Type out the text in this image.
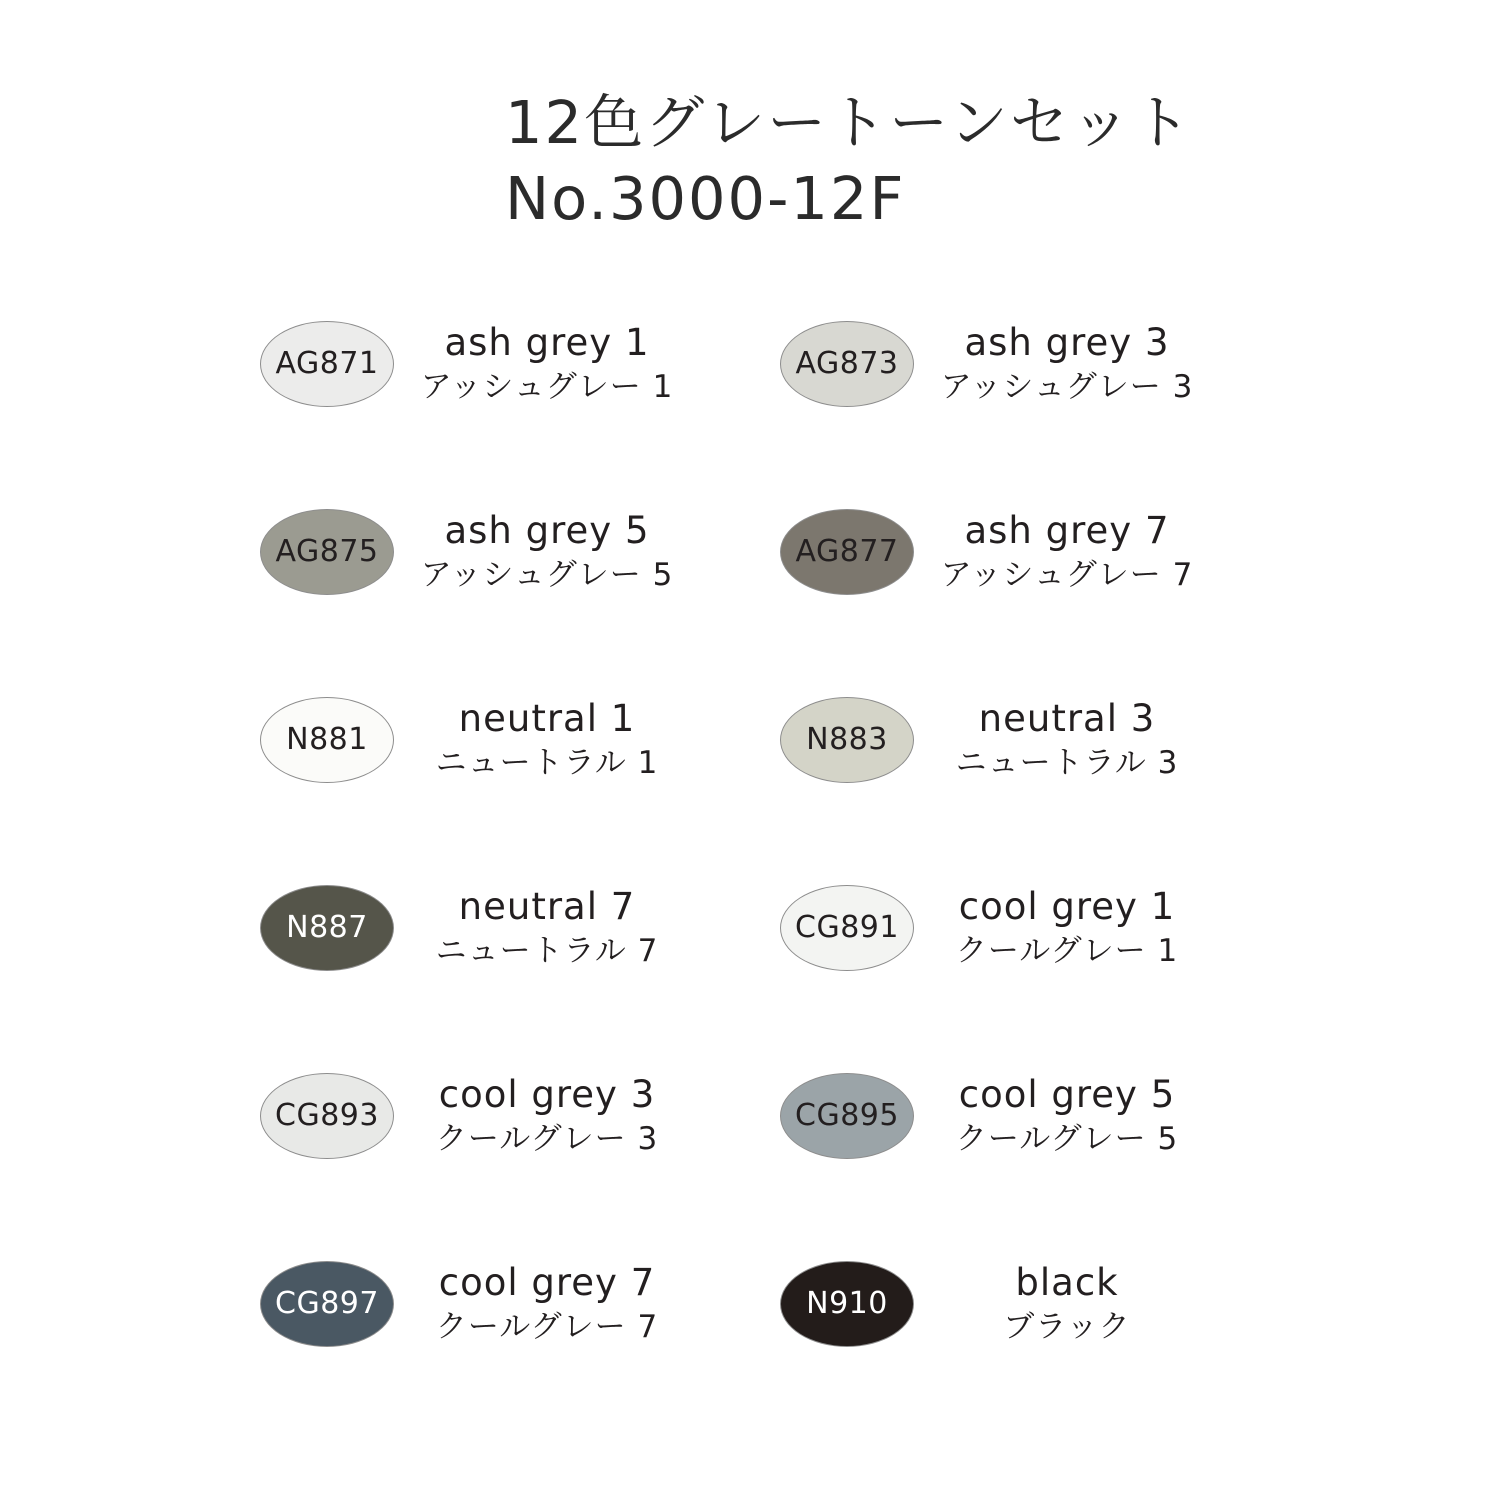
12色グレートーンセット
No.3000-12F
AG871 ash grey 1
アッシュグレー 1
AG873 ash grey 3
アッシュグレー 3
AG875 ash grey 5
アッシュグレー 5
AG877 ash grey 7
アッシュグレー 7
N881 neutral 1
ニュートラル 1
N883 neutral 3
ニュートラル 3
N887 neutral 7
ニュートラル 7
CG891 cool grey 1
クールグレー 1
CG893 cool grey 3
クールグレー 3
CG895 cool grey 5
クールグレー 5
CG897 cool grey 7
クールグレー 7
N910	black
ブラック
